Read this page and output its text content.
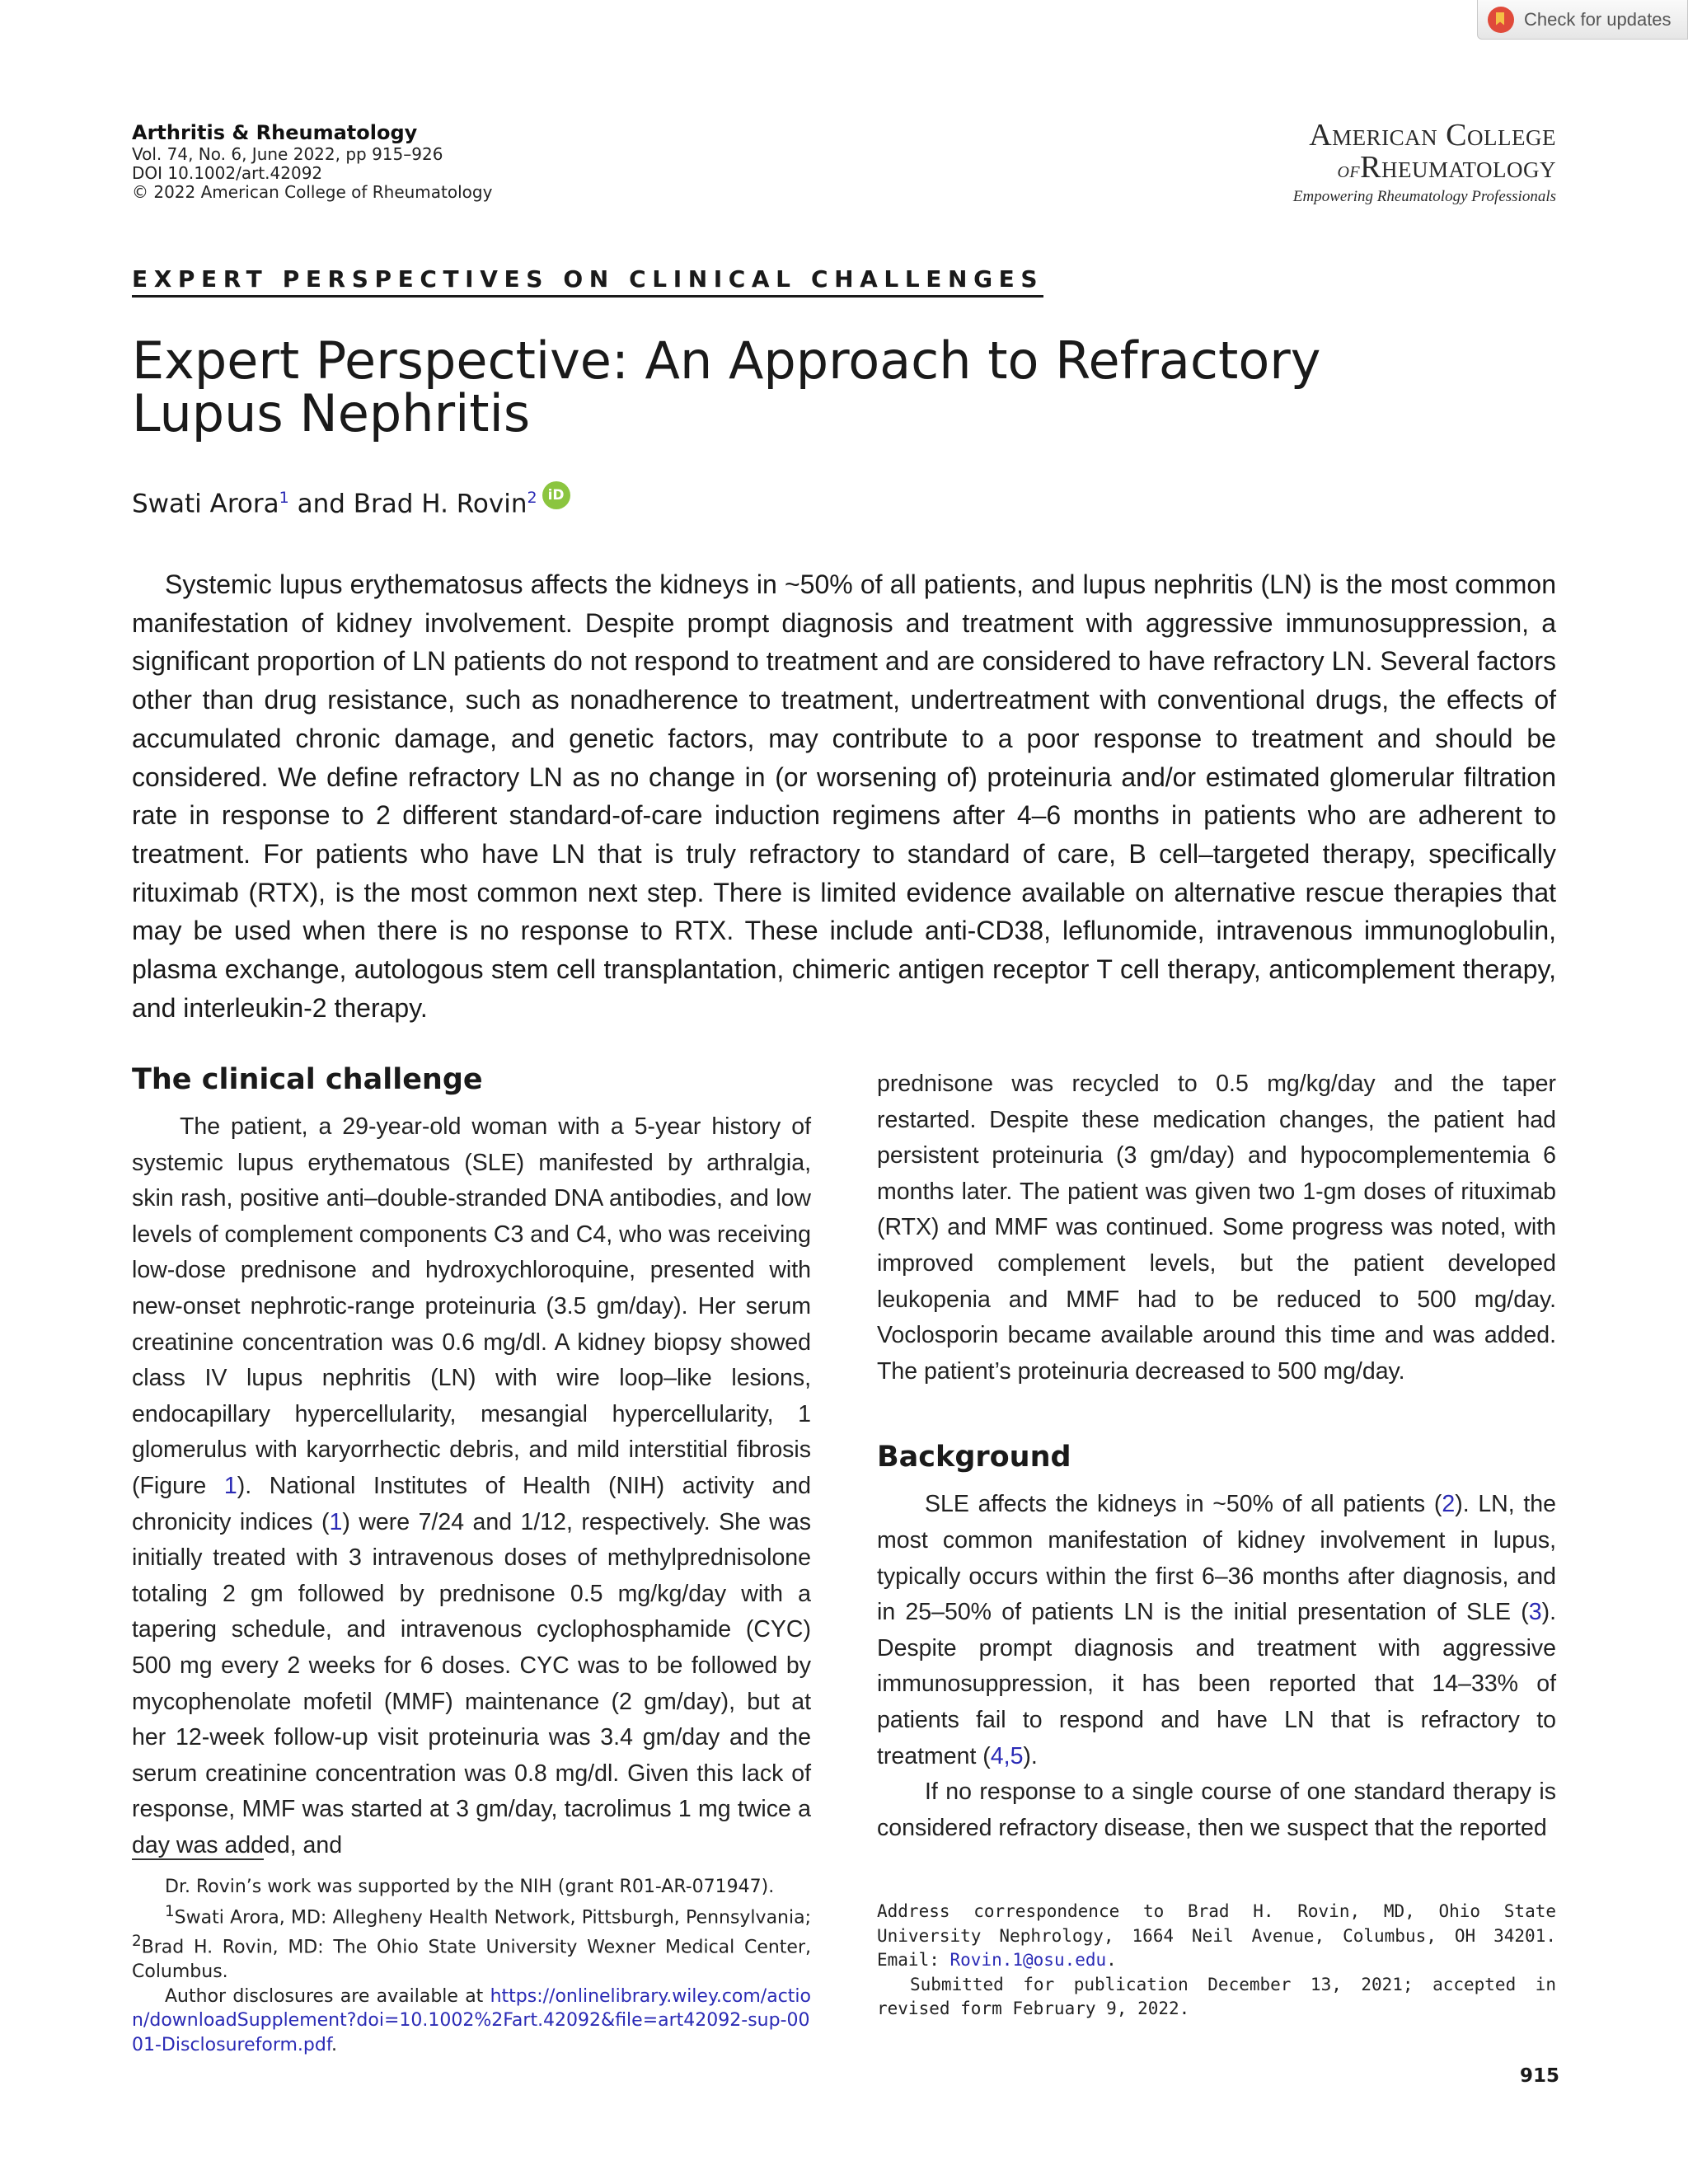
Check for updates
Arthritis & Rheumatology
Vol. 74, No. 6, June 2022, pp 915–926
DOI 10.1002/art.42092
© 2022 American College of Rheumatology
American College
ofRheumatology
Empowering Rheumatology Professionals
EXPERT PERSPECTIVES ON CLINICAL CHALLENGES
Expert Perspective: An Approach to Refractory
Lupus Nephritis
Swati Arora$^1$ and Brad H. Rovin$^2$ iD

Systemic lupus erythematosus affects the kidneys in ~50% of all patients, and lupus nephritis (LN) is the most common manifestation of kidney involvement. Despite prompt diagnosis and treatment with aggressive immunosuppression, a significant proportion of LN patients do not respond to treatment and are considered to have refractory LN. Several factors other than drug resistance, such as nonadherence to treatment, undertreatment with conventional drugs, the effects of accumulated chronic damage, and genetic factors, may contribute to a poor response to treatment and should be considered. We define refractory LN as no change in (or worsening of) proteinuria and/or estimated glomerular filtration rate in response to 2 different standard-of-care induction regimens after 4–6 months in patients who are adherent to treatment. For patients who have LN that is truly refractory to standard of care, B cell–targeted therapy, specifically rituximab (RTX), is the most common next step. There is limited evidence available on alternative rescue therapies that may be used when there is no response to RTX. These include anti-CD38, leflunomide, intravenous immunoglobulin, plasma exchange, autologous stem cell transplantation, chimeric antigen receptor T cell therapy, anticomplement therapy, and interleukin-2 therapy.

The clinical challenge

The patient, a 29-year-old woman with a 5-year history of systemic lupus erythematous (SLE) manifested by arthralgia, skin rash, positive anti–double-stranded DNA antibodies, and low levels of complement components C3 and C4, who was receiving low-dose prednisone and hydroxychloroquine, presented with new-onset nephrotic-range proteinuria (3.5 gm/day). Her serum creatinine concentration was 0.6 mg/dl. A kidney biopsy showed class IV lupus nephritis (LN) with wire loop–like lesions, endocapillary hypercellularity, mesangial hypercellularity, 1 glomerulus with karyorrhectic debris, and mild interstitial fibrosis (Figure 1). National Institutes of Health (NIH) activity and chronicity indices (1) were 7/24 and 1/12, respectively. She was initially treated with 3 intravenous doses of methylprednisolone totaling 2 gm followed by prednisone 0.5 mg/kg/day with a tapering schedule, and intravenous cyclophosphamide (CYC) 500 mg every 2 weeks for 6 doses. CYC was to be followed by mycophenolate mofetil (MMF) maintenance (2 gm/day), but at her 12-week follow-up visit proteinuria was 3.4 gm/day and the serum creatinine concentration was 0.8 mg/dl. Given this lack of response, MMF was started at 3 gm/day, tacrolimus 1 mg twice a day was added, and

prednisone was recycled to 0.5 mg/kg/day and the taper restarted. Despite these medication changes, the patient had persistent proteinuria (3 gm/day) and hypocomplementemia 6 months later. The patient was given two 1-gm doses of rituximab (RTX) and MMF was continued. Some progress was noted, with improved complement levels, but the patient developed leukopenia and MMF had to be reduced to 500 mg/day. Voclosporin became available around this time and was added. The patient’s proteinuria decreased to 500 mg/day.

Background

SLE affects the kidneys in ~50% of all patients (2). LN, the most common manifestation of kidney involvement in lupus, typically occurs within the first 6–36 months after diagnosis, and in 25–50% of patients LN is the initial presentation of SLE (3). Despite prompt diagnosis and treatment with aggressive immunosuppression, it has been reported that 14–33% of patients fail to respond and have LN that is refractory to treatment (4,5).

If no response to a single course of one standard therapy is considered refractory disease, then we suspect that the reported

Dr. Rovin’s work was supported by the NIH (grant R01-AR-071947).

$^1$Swati Arora, MD: Allegheny Health Network, Pittsburgh, Pennsylvania; $^2$Brad H. Rovin, MD: The Ohio State University Wexner Medical Center, Columbus.

Author disclosures are available at https://onlinelibrary.wiley.com/action/downloadSupplement?doi=10.1002%2Fart.42092&file=art42092-sup-0001-Disclosureform.pdf.

Address correspondence to Brad H. Rovin, MD, Ohio State University Nephrology, 1664 Neil Avenue, Columbus, OH 34201. Email: Rovin.1@osu.edu.

Submitted for publication December 13, 2021; accepted in revised form February 9, 2022.

915
